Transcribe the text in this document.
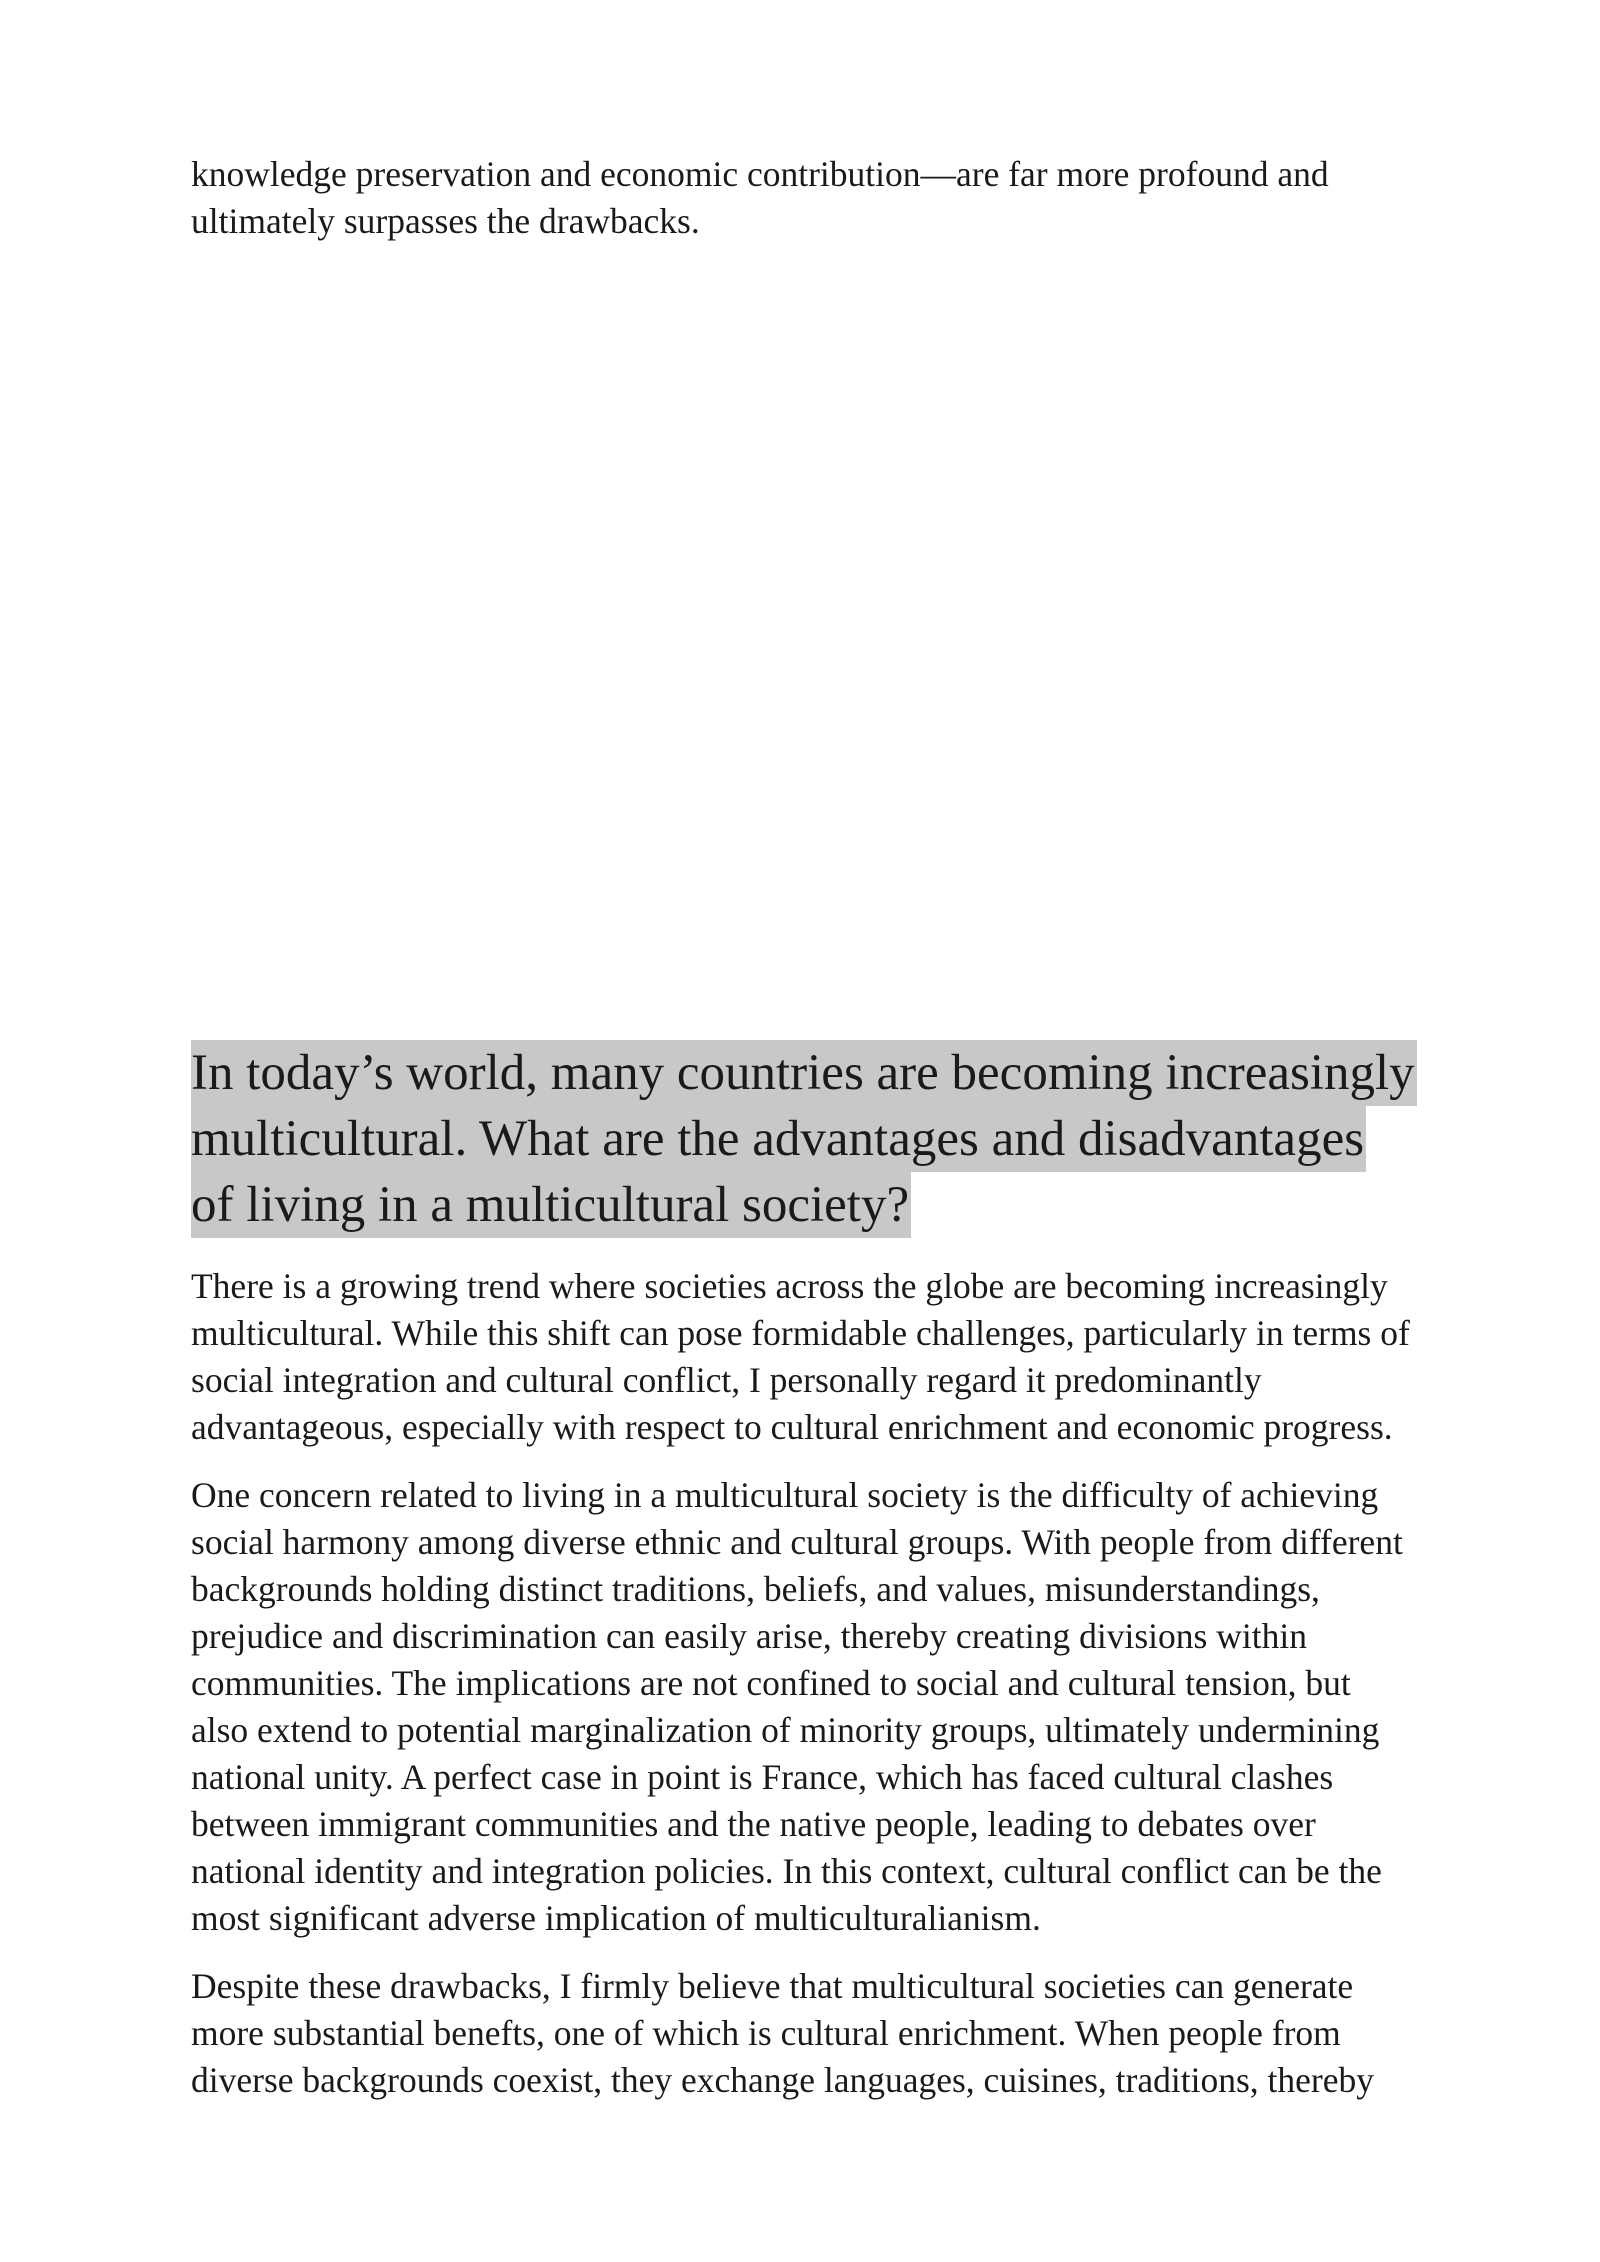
knowledge preservation and economic contribution—are far more profound and
ultimately surpasses the drawbacks.

In today’s world, many countries are becoming increasingly
multicultural. What are the advantages and disadvantages
of living in a multicultural society?

There is a growing trend where societies across the globe are becoming increasingly
multicultural. While this shift can pose formidable challenges, particularly in terms of
social integration and cultural conflict, I personally regard it predominantly
advantageous, especially with respect to cultural enrichment and economic progress.

One concern related to living in a multicultural society is the difficulty of achieving
social harmony among diverse ethnic and cultural groups. With people from different
backgrounds holding distinct traditions, beliefs, and values, misunderstandings,
prejudice and discrimination can easily arise, thereby creating divisions within
communities. The implications are not confined to social and cultural tension, but
also extend to potential marginalization of minority groups, ultimately undermining
national unity. A perfect case in point is France, which has faced cultural clashes
between immigrant communities and the native people, leading to debates over
national identity and integration policies. In this context, cultural conflict can be the
most significant adverse implication of multiculturalianism.

Despite these drawbacks, I firmly believe that multicultural societies can generate
more substantial benefts, one of which is cultural enrichment. When people from
diverse backgrounds coexist, they exchange languages, cuisines, traditions, thereby
